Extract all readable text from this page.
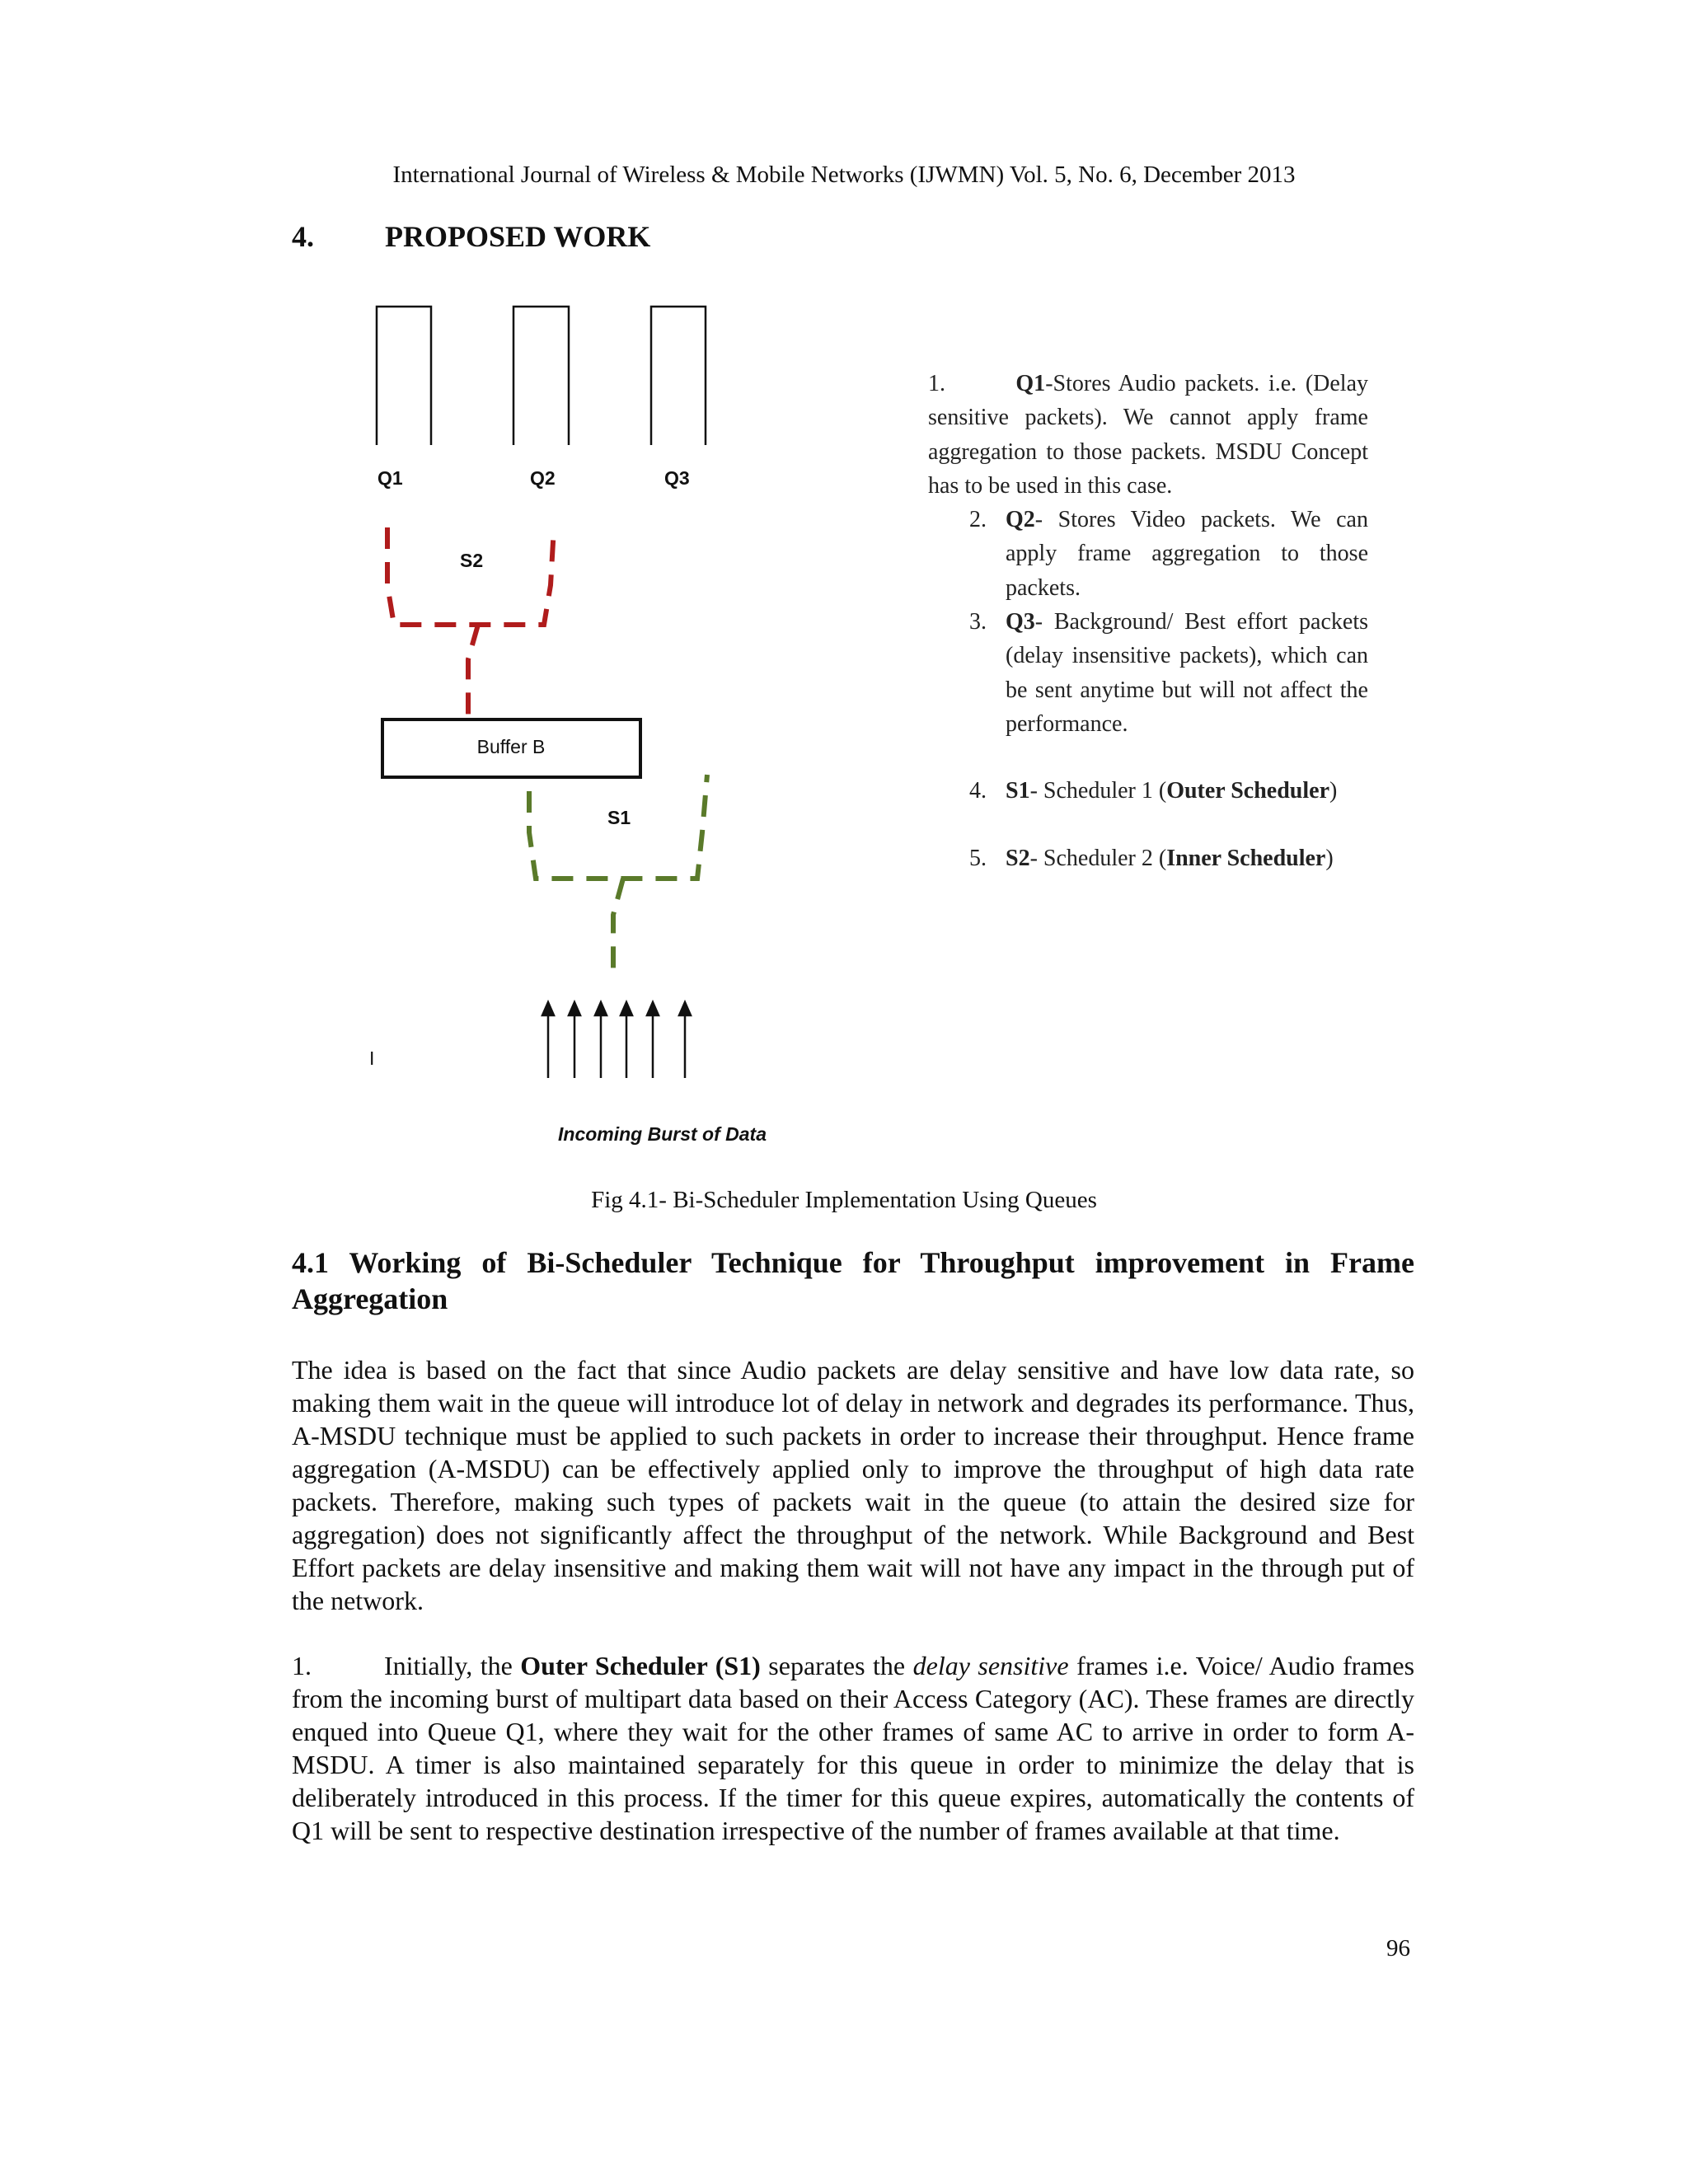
International Journal of Wireless & Mobile Networks (IJWMN) Vol. 5, No. 6, December 2013
4. PROPOSED WORK
Q1	Q2	Q3
S2
Buffer B
S1
I
Incoming Burst of Data

1.	Q1-Stores Audio packets. i.e. (Delay sensitive packets). We cannot apply frame aggregation to those packets. MSDU Concept has to be used in this case.

2. Q2- Stores Video packets. We can apply frame aggregation to those packets.

3. Q3- Background/ Best effort packets (delay insensitive packets), which can be sent anytime but will not affect the performance.

4. S1- Scheduler 1 (Outer Scheduler)

5. S2- Scheduler 2 (Inner Scheduler)

Fig 4.1- Bi-Scheduler Implementation Using Queues
4.1 Working of Bi-Scheduler Technique for Throughput improvement in Frame
Aggregation
The idea is based on the fact that since Audio packets are delay sensitive and have low data rate, so making them wait in the queue will introduce lot of delay in network and degrades its performance. Thus, A-MSDU technique must be applied to such packets in order to increase their throughput. Hence frame aggregation (A-MSDU) can be effectively applied only to improve the throughput of high data rate packets. Therefore, making such types of packets wait in the queue (to attain the desired size for aggregation) does not significantly affect the throughput of the network. While Background and Best Effort packets are delay insensitive and making them wait will not have any impact in the through put of the network.
1.	Initially, the Outer Scheduler (S1) separates the delay sensitive frames i.e. Voice/ Audio frames from the incoming burst of multipart data based on their Access Category (AC). These frames are directly enqued into Queue Q1, where they wait for the other frames of same AC to arrive in order to form A-MSDU. A timer is also maintained separately for this queue in order to minimize the delay that is deliberately introduced in this process. If the timer for this queue expires, automatically the contents of Q1 will be sent to respective destination irrespective of the number of frames available at that time.
96
